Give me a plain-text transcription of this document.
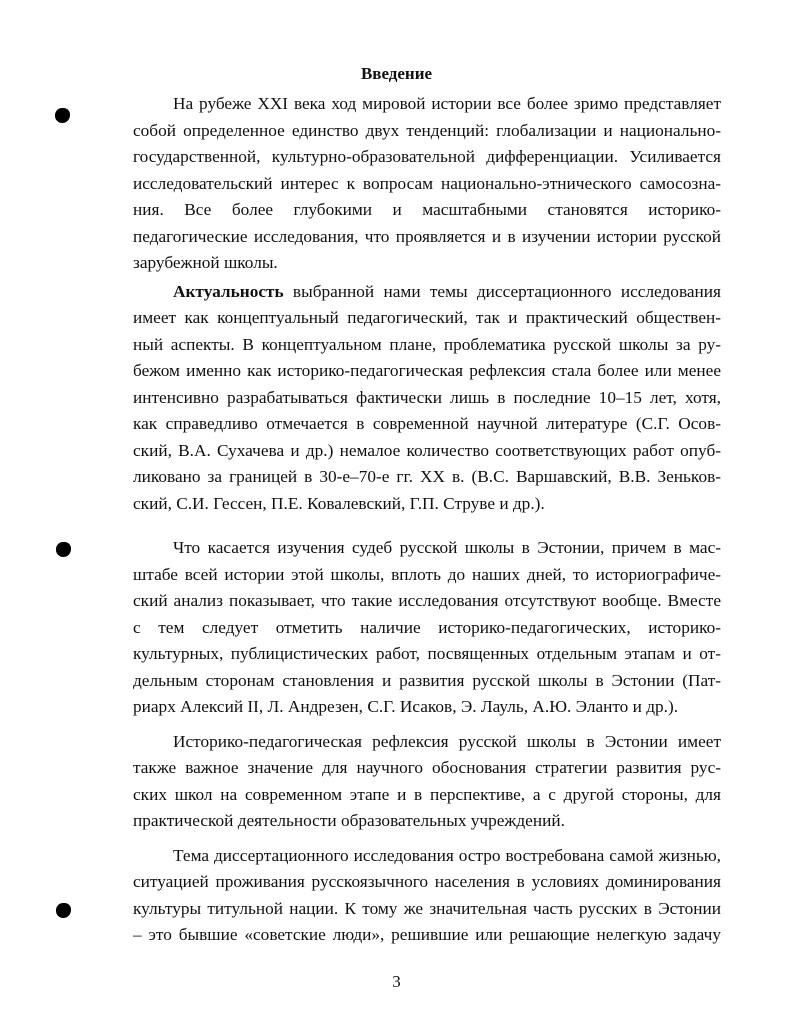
Введение
На рубеже XXI века ход мировой истории все более зримо представляет
собой определенное единство двух тенденций: глобализации и национально-
государственной, культурно-образовательной дифференциации. Усиливается
исследовательский интерес к вопросам национально-этнического самосозна-
ния. Все более глубокими и масштабными становятся историко-
педагогические исследования, что проявляется и в изучении истории русской
зарубежной школы.
Актуальность выбранной нами темы диссертационного исследования
имеет как концептуальный педагогический, так и практический обществен-
ный аспекты. В концептуальном плане, проблематика русской школы за ру-
бежом именно как историко-педагогическая рефлексия стала более или менее
интенсивно разрабатываться фактически лишь в последние 10–15 лет, хотя,
как справедливо отмечается в современной научной литературе (С.Г. Осов-
ский, В.А. Сухачева и др.) немалое количество соответствующих работ опуб-
ликовано за границей в 30-е–70-е гг. XX в. (В.С. Варшавский, В.В. Зеньков-
ский, С.И. Гессен, П.Е. Ковалевский, Г.П. Струве и др.).
Что касается изучения судеб русской школы в Эстонии, причем в мас-
штабе всей истории этой школы, вплоть до наших дней, то историографиче-
ский анализ показывает, что такие исследования отсутствуют вообще. Вместе
с тем следует отметить наличие историко-педагогических, историко-
культурных, публицистических работ, посвященных отдельным этапам и от-
дельным сторонам становления и развития русской школы в Эстонии (Пат-
риарх Алексий II, Л. Андрезен, С.Г. Исаков, Э. Лауль, А.Ю. Эланто и др.).
Историко-педагогическая рефлексия русской школы в Эстонии имеет
также важное значение для научного обоснования стратегии развития рус-
ских школ на современном этапе и в перспективе, а с другой стороны, для
практической деятельности образовательных учреждений.
Тема диссертационного исследования остро востребована самой жизнью,
ситуацией проживания русскоязычного населения в условиях доминирования
культуры титульной нации. К тому же значительная часть русских в Эстонии
– это бывшие «советские люди», решившие или решающие нелегкую задачу
3
